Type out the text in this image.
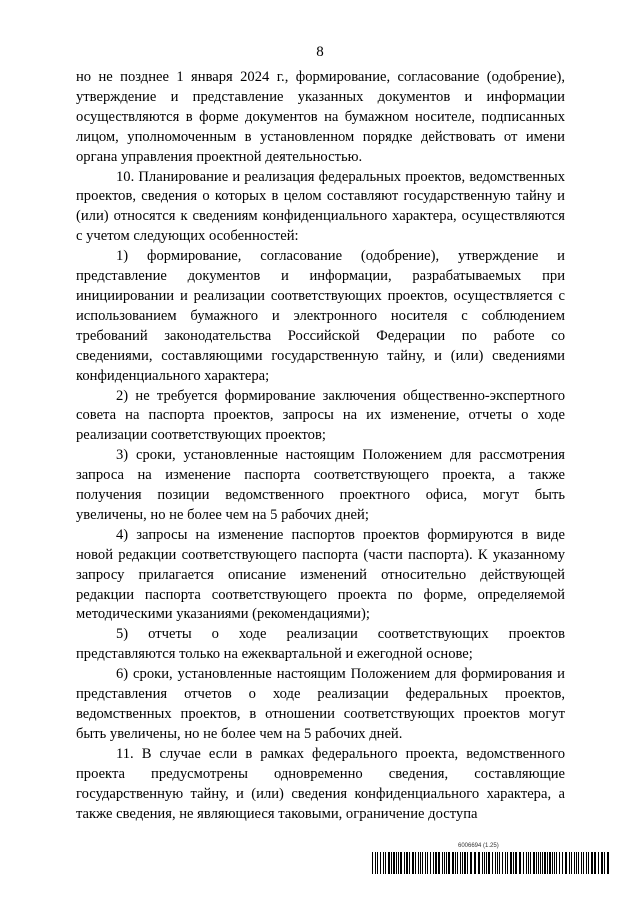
8

но не позднее 1 января 2024 г., формирование, согласование (одобрение), утверждение и представление указанных документов и информации осуществляются в форме документов на бумажном носителе, подписанных лицом, уполномоченным в установленном порядке действовать от имени органа управления проектной деятельностью.

10. Планирование и реализация федеральных проектов, ведомственных проектов, сведения о которых в целом составляют государственную тайну и (или) относятся к сведениям конфиденциального характера, осуществляются с учетом следующих особенностей:

1) формирование, согласование (одобрение), утверждение и представление документов и информации, разрабатываемых при инициировании и реализации соответствующих проектов, осуществляется с использованием бумажного и электронного носителя с соблюдением требований законодательства Российской Федерации по работе со сведениями, составляющими государственную тайну, и (или) сведениями конфиденциального характера;

2) не требуется формирование заключения общественно-экспертного совета на паспорта проектов, запросы на их изменение, отчеты о ходе реализации соответствующих проектов;

3) сроки, установленные настоящим Положением для рассмотрения запроса на изменение паспорта соответствующего проекта, а также получения позиции ведомственного проектного офиса, могут быть увеличены, но не более чем на 5 рабочих дней;

4) запросы на изменение паспортов проектов формируются в виде новой редакции соответствующего паспорта (части паспорта). К указанному запросу прилагается описание изменений относительно действующей редакции паспорта соответствующего проекта по форме, определяемой методическими указаниями (рекомендациями);

5) отчеты о ходе реализации соответствующих проектов представляются только на ежеквартальной и ежегодной основе;

6) сроки, установленные настоящим Положением для формирования и представления отчетов о ходе реализации федеральных проектов, ведомственных проектов, в отношении соответствующих проектов могут быть увеличены, но не более чем на 5 рабочих дней.

11. В случае если в рамках федерального проекта, ведомственного проекта предусмотрены одновременно сведения, составляющие государственную тайну, и (или) сведения конфиденциального характера, а также сведения, не являющиеся таковыми, ограничение доступа

6006694 (1.25)
